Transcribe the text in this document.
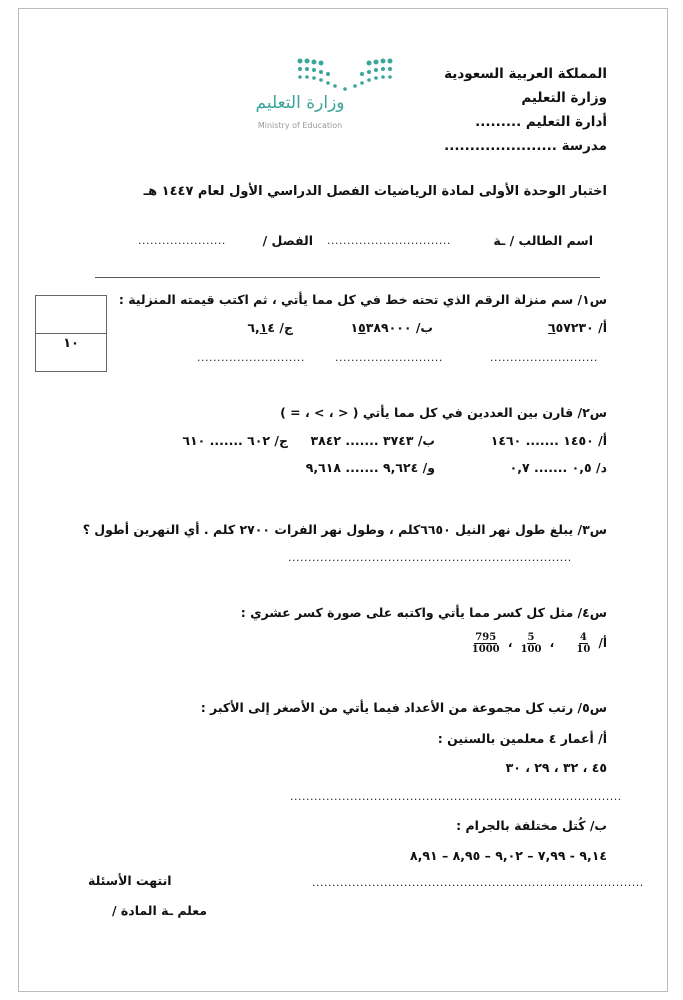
المملكة العربية السعودية
وزارة التعليم
أدارة التعليم .........
مدرسة ......................
وزارة التعليم
Ministry of Education
اختبار الوحدة الأولى لمادة الرياضيات الفصل الدراسي الأول لعام ١٤٤٧ هـ
اسم الطالب / ـة
...............................
الفصل /
......................
١٠
س١/ سم منزلة الرقم الذي تحته خط في كل مما يأتي ، ثم اكتب قيمته المنزلية :
أ/ ٦٥٧٢٣٠
ب/ ١٥٣٨٩٠٠٠
ج/ ٦,١٤
...........................
...........................
...........................
س٢/ قارن بين العددين في كل مما يأتي ( < ، > ، = )
أ/ ١٤٥٠ ....... ١٤٦٠
ب/ ٣٧٤٣ ....... ٣٨٤٢
ج/ ٦٠٢ ....... ٦١٠
د/ ٠,٥ ....... ٠,٧
و/ ٩,٦٢٤ ....... ٩,٦١٨
س٣/ يبلغ طول نهر النيل ٦٦٥٠كلم ، وطول نهر الفرات ٢٧٠٠ كلم . أي النهرين أطول ؟
.......................................................................
س٤/ مثل كل كسر مما يأتي واكتبه على صورة كسر عشري :
أ/
$\frac{4}{10}$
،
$\frac{5}{100}$
،
$\frac{795}{1000}$
س٥/ رتب كل مجموعة من الأعداد فيما يأتي من الأصغر إلى الأكبر :
أ/ أعمار ٤ معلمين بالسنين :
٤٥ ، ٣٢ ، ٢٩ ، ٣٠
...................................................................................
ب/ كُتل مختلفة بالجرام :
٩,١٤ - ٧,٩٩ – ٩,٠٢ – ٨,٩٥ – ٨,٩١
...................................................................................
انتهت الأسئلة
معلم ـة المادة /
